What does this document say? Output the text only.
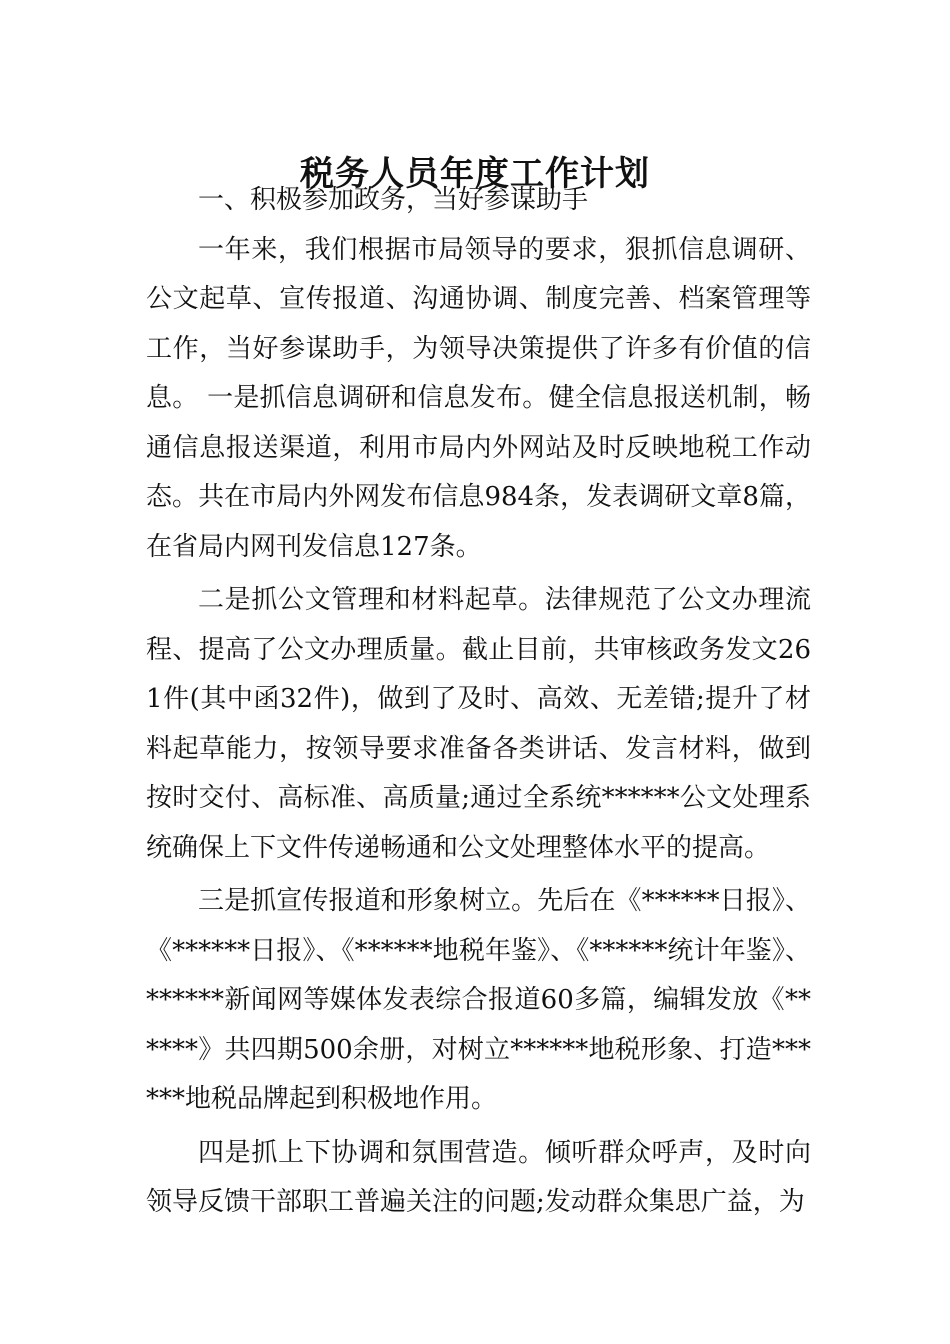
税务人员年度工作计划

一、积极参加政务，当好参谋助手

一年来，我们根据市局领导的要求，狠抓信息调研、公文起草、宣传报道、沟通协调、制度完善、档案管理等工作，当好参谋助手，为领导决策提供了许多有价值的信息。 一是抓信息调研和信息发布。健全信息报送机制，畅通信息报送渠道，利用市局内外网站及时反映地税工作动态。共在市局内外网发布信息984条，发表调研文章8篇，在省局内网刊发信息127条。

二是抓公文管理和材料起草。法律规范了公文办理流程、提高了公文办理质量。截止目前，共审核政务发文261件(其中函32件)，做到了及时、高效、无差错;提升了材料起草能力，按领导要求准备各类讲话、发言材料，做到按时交付、高标准、高质量;通过全系统******公文处理系统确保上下文件传递畅通和公文处理整体水平的提高。

三是抓宣传报道和形象树立。先后在《******日报》、《******日报》、《******地税年鉴》、《******统计年鉴》、******新闻网等媒体发表综合报道60多篇，编辑发放《******》共四期500余册，对树立******地税形象、打造******地税品牌起到积极地作用。

四是抓上下协调和氛围营造。倾听群众呼声，及时向领导反馈干部职工普遍关注的问题;发动群众集思广益，为
